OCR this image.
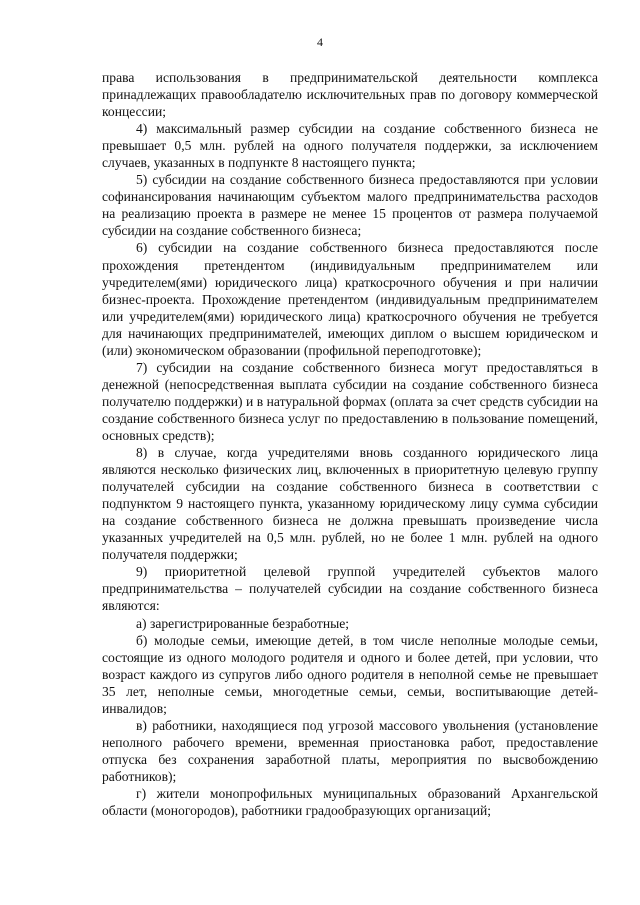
4

права использования в предпринимательской деятельности комплекса принадлежащих правообладателю исключительных прав по договору коммерческой концессии;

4) максимальный размер субсидии на создание собственного бизнеса не превышает 0,5 млн. рублей на одного получателя поддержки, за исключением случаев, указанных в подпункте 8 настоящего пункта;

5) субсидии на создание собственного бизнеса предоставляются при условии софинансирования начинающим субъектом малого предпринимательства расходов на реализацию проекта в размере не менее 15 процентов от размера получаемой субсидии на создание собственного бизнеса;

6) субсидии на создание собственного бизнеса предоставляются после прохождения претендентом (индивидуальным предпринимателем или учредителем(ями) юридического лица) краткосрочного обучения и при наличии бизнес-проекта. Прохождение претендентом (индивидуальным предпринимателем или учредителем(ями) юридического лица) краткосрочного обучения не требуется для начинающих предпринимателей, имеющих диплом о высшем юридическом и (или) экономическом образовании (профильной переподготовке);

7) субсидии на создание собственного бизнеса могут предоставляться в денежной (непосредственная выплата субсидии на создание собственного бизнеса получателю поддержки) и в натуральной формах (оплата за счет средств субсидии на создание собственного бизнеса услуг по предоставлению в пользование помещений, основных средств);

8) в случае, когда учредителями вновь созданного юридического лица являются несколько физических лиц, включенных в приоритетную целевую группу получателей субсидии на создание собственного бизнеса в соответствии с подпунктом 9 настоящего пункта, указанному юридическому лицу сумма субсидии на создание собственного бизнеса не должна превышать произведение числа указанных учредителей на 0,5 млн. рублей, но не более 1 млн. рублей на одного получателя поддержки;

9) приоритетной целевой группой учредителей субъектов малого предпринимательства – получателей субсидии на создание собственного бизнеса являются:

а) зарегистрированные безработные;

б) молодые семьи, имеющие детей, в том числе неполные молодые семьи, состоящие из одного молодого родителя и одного и более детей, при условии, что возраст каждого из супругов либо одного родителя в неполной семье не превышает 35 лет, неполные семьи, многодетные семьи, семьи, воспитывающие детей-инвалидов;

в) работники, находящиеся под угрозой массового увольнения (установление неполного рабочего времени, временная приостановка работ, предоставление отпуска без сохранения заработной платы, мероприятия по высвобождению работников);

г) жители монопрофильных муниципальных образований Архангельской области (моногородов), работники градообразующих организаций;
